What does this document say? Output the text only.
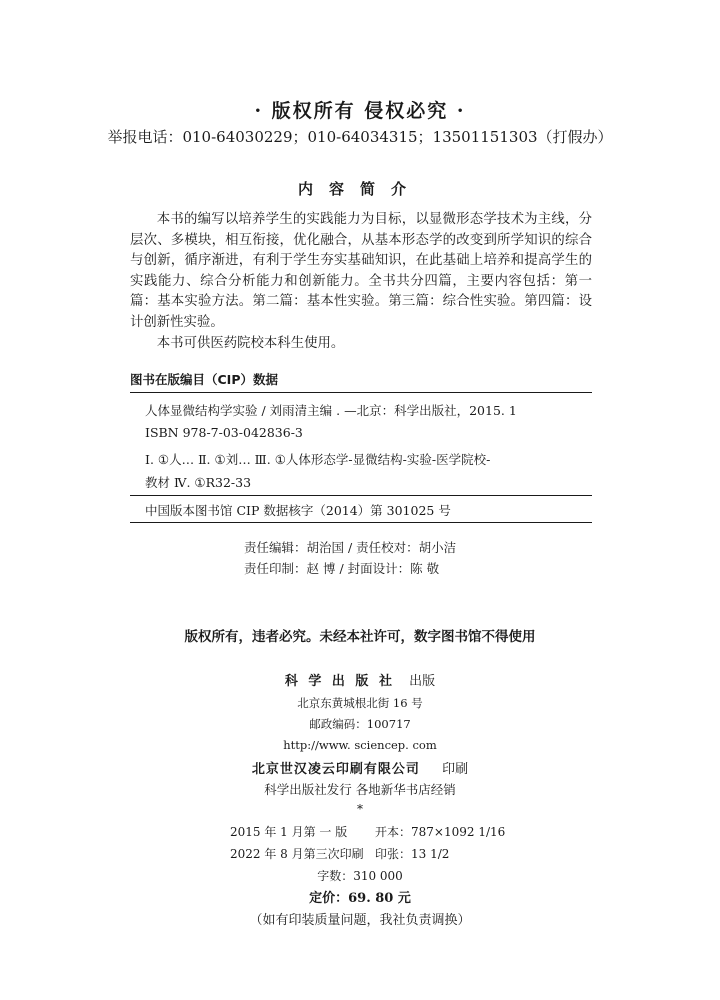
· 版权所有 侵权必究 ·
举报电话：010-64030229；010-64034315；13501151303（打假办）
内容简介

本书的编写以培养学生的实践能力为目标，以显微形态学技术为主线，分层次、多模块，相互衔接，优化融合，从基本形态学的改变到所学知识的综合与创新，循序渐进，有利于学生夯实基础知识，在此基础上培养和提高学生的实践能力、综合分析能力和创新能力。全书共分四篇，主要内容包括：第一篇：基本实验方法。第二篇：基本性实验。第三篇：综合性实验。第四篇：设计创新性实验。

本书可供医药院校本科生使用。

图书在版编目（CIP）数据
人体显微结构学实验 / 刘雨清主编 . —北京：科学出版社，2015. 1
ISBN 978-7-03-042836-3
Ⅰ. ①人… Ⅱ. ①刘… Ⅲ. ①人体形态学-显微结构-实验-医学院校-
教材 Ⅳ. ①R32-33
中国版本图书馆 CIP 数据核字（2014）第 301025 号
责任编辑：胡治国 / 责任校对：胡小洁
责任印制：赵 博 / 封面设计：陈 敬
版权所有，违者必究。未经本社许可，数字图书馆不得使用
科 学 出 版 社 出版
北京东黄城根北街 16 号
邮政编码：100717
http://www. sciencep. com
北京世汉凌云印刷有限公司 印刷
科学出版社发行 各地新华书店经销
*
2015 年 1 月第 一 版 开本：787×1092 1/16
2022 年 8 月第三次印刷 印张：13 1/2
字数：310 000
定价：69. 80 元
（如有印装质量问题，我社负责调换）
